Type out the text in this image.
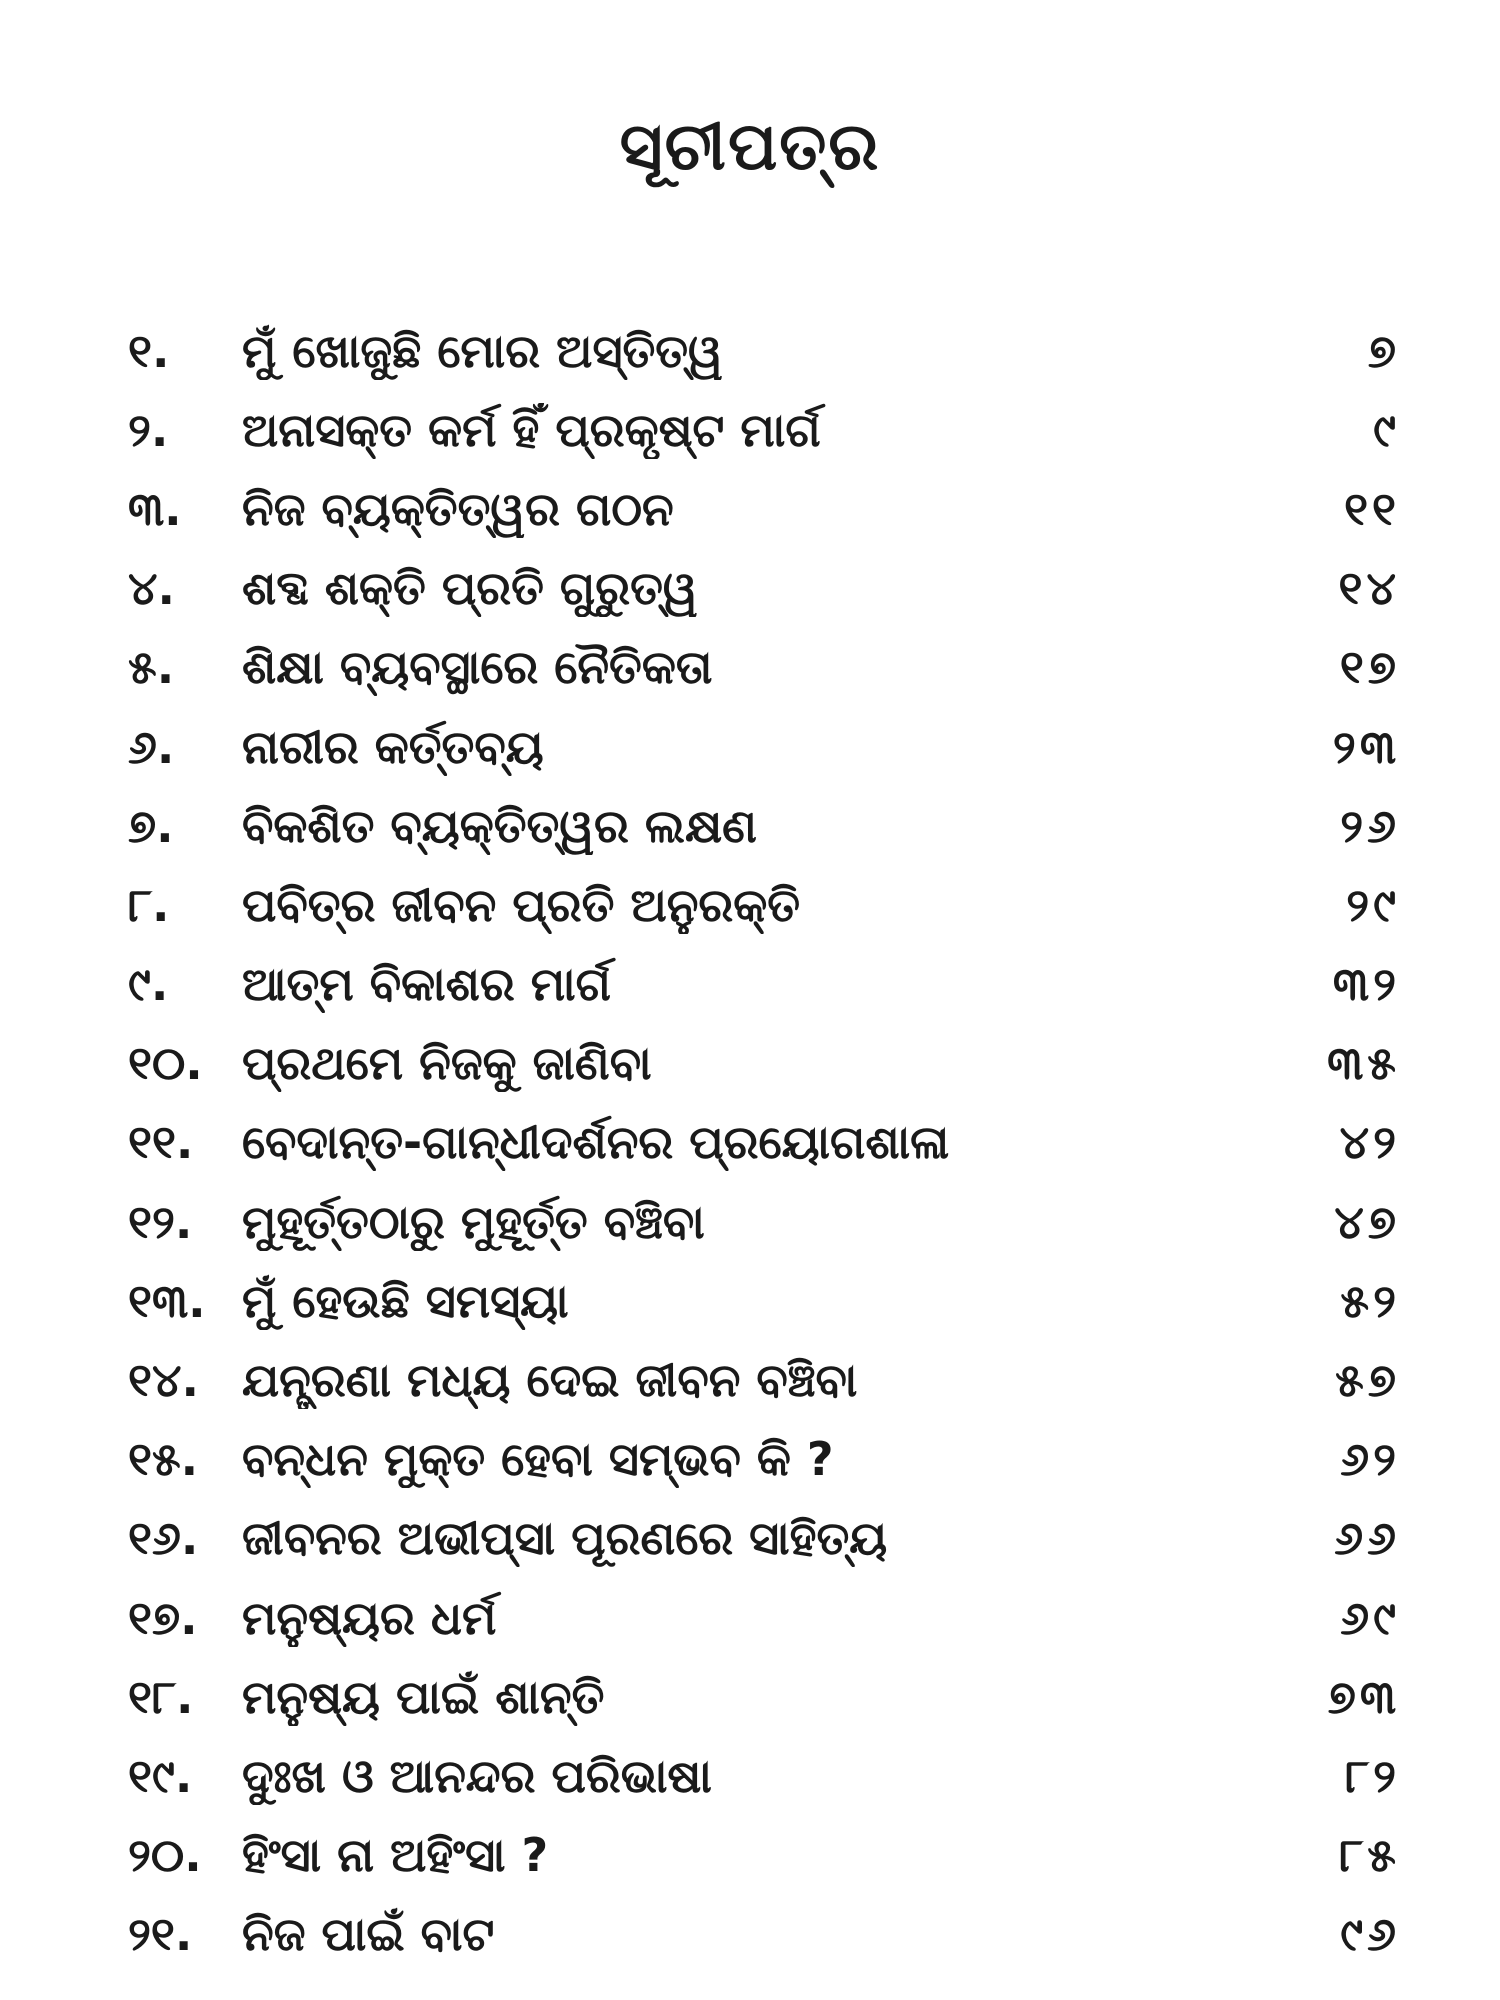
ସୂଚୀପତ୍ର
୧.	ମୁଁ ଖୋଜୁଛି ମୋର ଅସ୍ତିତ୍ୱ	୭
୨.	ଅନାସକ୍ତ କର୍ମ ହିଁ ପ୍ରକୃଷ୍ଟ ମାର୍ଗ	୯
୩.	ନିଜ ବ୍ୟକ୍ତିତ୍ୱର ଗଠନ	୧୧
୪.	ଶବ୍ଦ ଶକ୍ତି ପ୍ରତି ଗୁରୁତ୍ୱ	୧୪
୫.	ଶିକ୍ଷା ବ୍ୟବସ୍ଥାରେ ନୈତିକତା	୧୭
୬.	ନାରୀର କର୍ତ୍ତବ୍ୟ	୨୩
୭.	ବିକଶିତ ବ୍ୟକ୍ତିତ୍ୱର ଲକ୍ଷଣ	୨୬
୮.	ପବିତ୍ର ଜୀବନ ପ୍ରତି ଅନୁରକ୍ତି	୨୯
୯.	ଆତ୍ମ ବିକାଶର ମାର୍ଗ	୩୨
୧୦. ପ୍ରଥମେ ନିଜକୁ ଜାଣିବା	୩୫
୧୧.	ବେଦାନ୍ତ-ଗାନ୍ଧୀଦର୍ଶନର ପ୍ରୟୋଗଶାଳା	୪୨
୧୨.	ମୁହୂର୍ତ୍ତଠାରୁ ମୁହୂର୍ତ୍ତ ବଞ୍ଚିବା	୪୭
୧୩. ମୁଁ ହେଉଛି ସମସ୍ୟା	୫୨
୧୪. ଯନ୍ତ୍ରଣା ମଧ୍ୟ ଦେଇ ଜୀବନ ବଞ୍ଚିବା	୫୭
୧୫. ବନ୍ଧନ ମୁକ୍ତ ହେବା ସମ୍ଭବ କି ?	୬୨
୧୬. ଜୀବନର ଅଭୀପ୍ସା ପୂରଣରେ ସାହିତ୍ୟ	୬୬
୧୭. ମନୁଷ୍ୟର ଧର୍ମ	୬୯
୧୮.	ମନୁଷ୍ୟ ପାଇଁ ଶାନ୍ତି	୭୩
୧୯.	ଦୁଃଖ ଓ ଆନନ୍ଦର ପରିଭାଷା	୮୨
୨୦. ହିଂସା ନା ଅହିଂସା ?	୮୫
୨୧.	ନିଜ ପାଇଁ ବାଟ	୯୬
